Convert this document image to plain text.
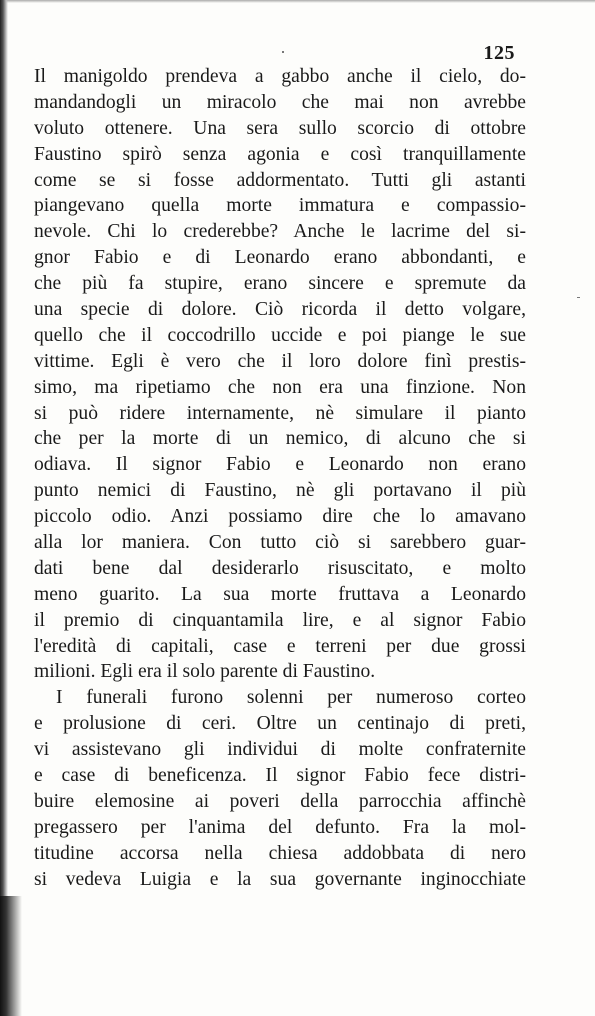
125
Il manigoldo prendeva a gabbo anche il cielo, do-
mandandogli un miracolo che mai non avrebbe
voluto ottenere. Una sera sullo scorcio di ottobre
Faustino spirò senza agonia e così tranquillamente
come se si fosse addormentato. Tutti gli astanti
piangevano quella morte immatura e compassio-
nevole. Chi lo crederebbe? Anche le lacrime del si-
gnor Fabio e di Leonardo erano abbondanti, e
che più fa stupire, erano sincere e spremute da
una specie di dolore. Ciò ricorda il detto volgare,
quello che il coccodrillo uccide e poi piange le sue
vittime. Egli è vero che il loro dolore finì prestis-
simo, ma ripetiamo che non era una finzione. Non
si può ridere internamente, nè simulare il pianto
che per la morte di un nemico, di alcuno che si
odiava. Il signor Fabio e Leonardo non erano
punto nemici di Faustino, nè gli portavano il più
piccolo odio. Anzi possiamo dire che lo amavano
alla lor maniera. Con tutto ciò si sarebbero guar-
dati bene dal desiderarlo risuscitato, e molto
meno guarito. La sua morte fruttava a Leonardo
il premio di cinquantamila lire, e al signor Fabio
l'eredità di capitali, case e terreni per due grossi
milioni. Egli era il solo parente di Faustino.
I funerali furono solenni per numeroso corteo
e prolusione di ceri. Oltre un centinajo di preti,
vi assistevano gli individui di molte confraternite
e case di beneficenza. Il signor Fabio fece distri-
buire elemosine ai poveri della parrocchia affinchè
pregassero per l'anima del defunto. Fra la mol-
titudine accorsa nella chiesa addobbata di nero
si vedeva Luigia e la sua governante inginocchiate
